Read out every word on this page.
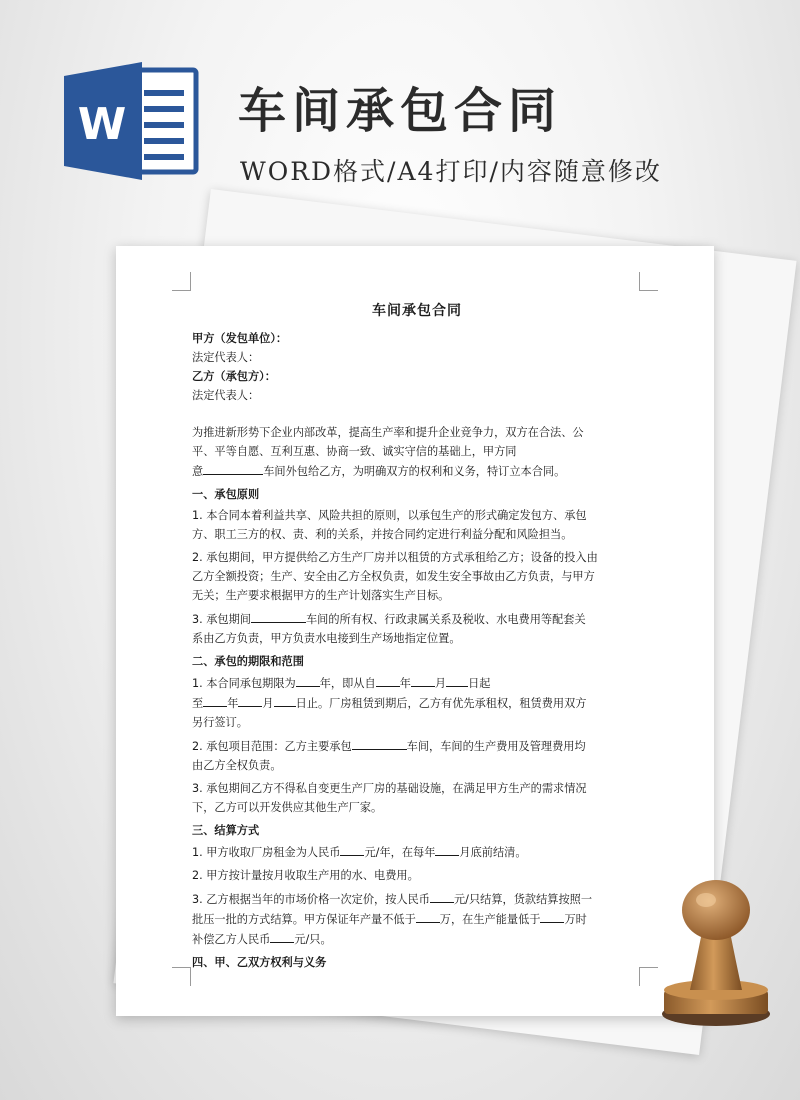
W 车间承包合同
WORD格式/A4打印/内容随意修改
车间承包合同
甲方（发包单位）：
法定代表人：
乙方（承包方）：
法定代表人：
为推进新形势下企业内部改革，提高生产率和提升企业竞争力，双方在合法、公
平、平等自愿、互利互惠、协商一致、诚实守信的基础上，甲方同
意	车间外包给乙方，为明确双方的权利和义务，特订立本合同。
一、承包原则
1. 本合同本着利益共享、风险共担的原则，以承包生产的形式确定发包方、承包
方、职工三方的权、责、利的关系，并按合同约定进行利益分配和风险担当。
2. 承包期间，甲方提供给乙方生产厂房并以租赁的方式承租给乙方；设备的投入由
乙方全额投资；生产、安全由乙方全权负责，如发生安全事故由乙方负责，与甲方
无关；生产要求根据甲方的生产计划落实生产目标。
3. 承包期间	车间的所有权、行政隶属关系及税收、水电费用等配套关
系由乙方负责，甲方负责水电接到生产场地指定位置。
二、承包的期限和范围
1. 本合同承包期限为 年，即从自 年 月 日起
至 年 月 日止。厂房租赁到期后，乙方有优先承租权，租赁费用双方
另行签订。
2. 承包项目范围：乙方主要承包	车间，车间的生产费用及管理费用均
由乙方全权负责。
3. 承包期间乙方不得私自变更生产厂房的基础设施，在满足甲方生产的需求情况
下，乙方可以开发供应其他生产厂家。
三、结算方式
1. 甲方收取厂房租金为人民币 元/年，在每年 月底前结清。
2. 甲方按计量按月收取生产用的水、电费用。
3. 乙方根据当年的市场价格一次定价，按人民币 元/只结算，货款结算按照一
批压一批的方式结算。甲方保证年产量不低于 万，在生产能量低于 万时
补偿乙方人民币 元/只。
四、甲、乙双方权利与义务
